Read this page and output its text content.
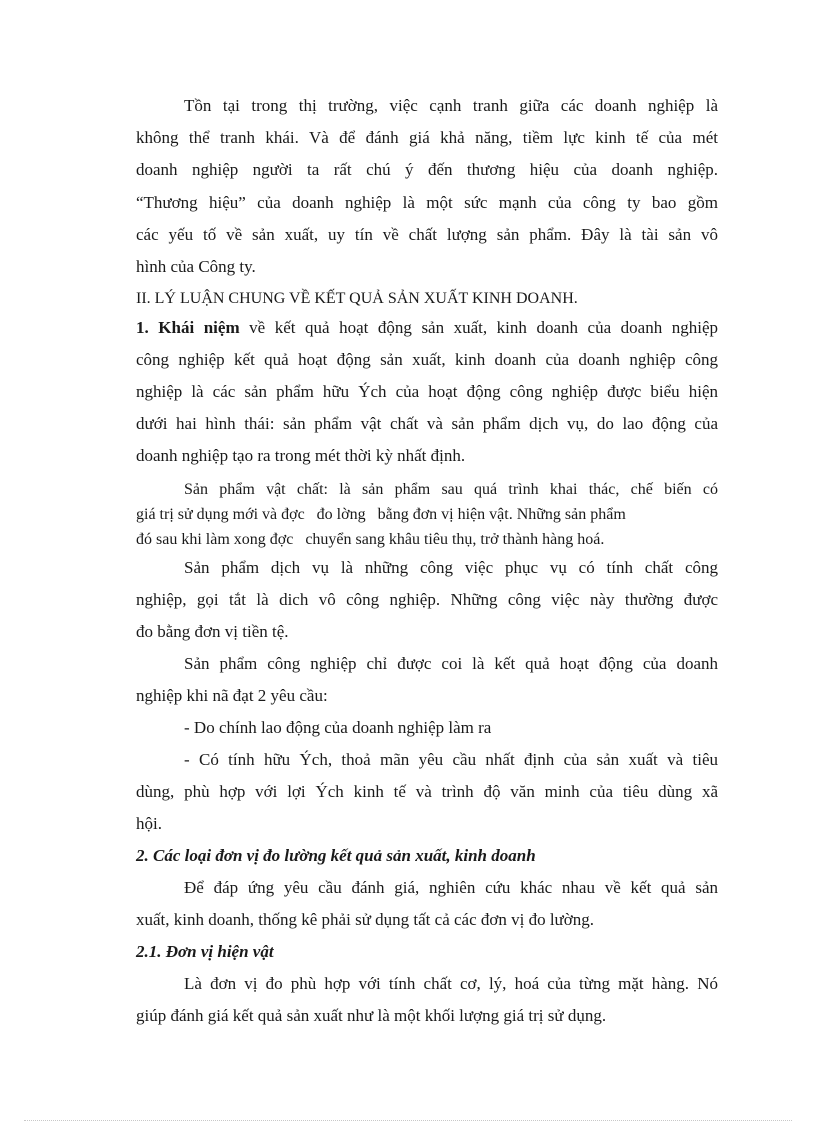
Tồn tại trong thị trường, việc cạnh tranh giữa các doanh nghiệp là
không thể tranh khái. Và để đánh giá khả năng, tiềm lực kinh tế của mét
doanh nghiệp người ta rất chú ý đến thương hiệu của doanh nghiệp.
“Thương hiệu” của doanh nghiệp là một sức mạnh của công ty bao gồm
các yếu tố về sản xuất, uy tín về chất lượng sản phẩm. Đây là tài sản vô
hình của Công ty.
II. LÝ LUẬN CHUNG VỀ KẾT QUẢ SẢN XUẤT KINH DOANH.
1. Khái niệm về kết quả hoạt động sản xuất, kinh doanh của doanh nghiệp
công nghiệp kết quả hoạt động sản xuất, kinh doanh của doanh nghiệp công
nghiệp là các sản phẩm hữu Ých của hoạt động công nghiệp được biểu hiện
dưới hai hình thái: sản phẩm vật chất và sản phẩm dịch vụ, do lao động của
doanh nghiệp tạo ra trong mét thời kỳ nhất định.
Sản phẩm vật chất: là sản phẩm sau quá trình khai thác, chế biến có
giá trị sử dụng mới và đợc   đo lờng   bằng đơn vị hiện vật. Những sản phẩm
đó sau khi làm xong đợc   chuyển sang khâu tiêu thụ, trở thành hàng hoá.
Sản phẩm dịch vụ là những công việc phục vụ có tính chất công
nghiệp, gọi tắt là dich vô công nghiệp. Những công việc này thường được
đo bằng đơn vị tiền tệ.
Sản phẩm công nghiệp chỉ được coi là kết quả hoạt động của doanh
nghiệp khi nã đạt 2 yêu cầu:
- Do chính lao động của doanh nghiệp làm ra
- Có tính hữu Ých, thoả mãn yêu cầu nhất định của sản xuất và tiêu
dùng, phù hợp với lợi Ých kinh tế và trình độ văn minh của tiêu dùng xã
hội.
2. Các loại đơn vị đo lường kết quả sản xuất, kinh doanh
Để đáp ứng yêu cầu đánh giá, nghiên cứu khác nhau về kết quả sản
xuất, kinh doanh, thống kê phải sử dụng tất cả các đơn vị đo lường.
2.1. Đơn vị hiện vật
Là đơn vị đo phù hợp với tính chất cơ, lý, hoá của từng mặt hàng. Nó
giúp đánh giá kết quả sản xuất như là một khối lượng giá trị sử dụng.
